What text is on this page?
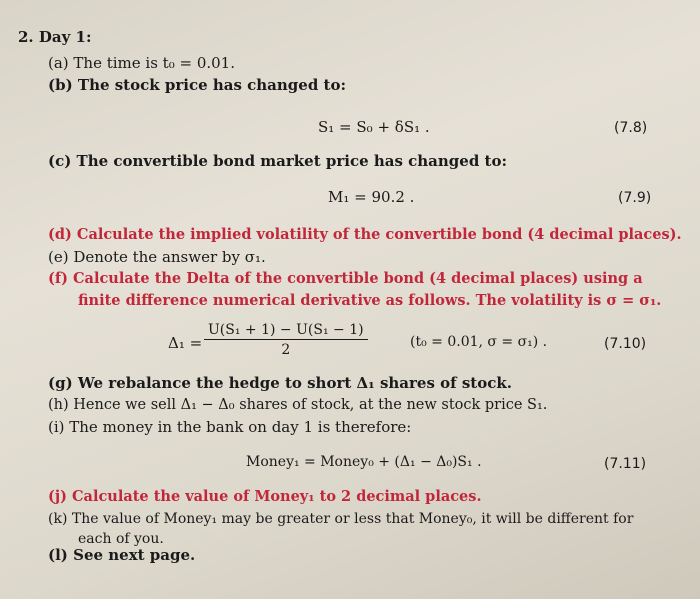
2. Day 1:
(a) The time is t₀ = 0.01.
(b) The stock price has changed to:
S₁ = S₀ + δS₁ .	(7.8)
(c) The convertible bond market price has changed to:
M₁ = 90.2 .	(7.9)
(d) Calculate the implied volatility of the convertible bond (4 decimal places).
(e) Denote the answer by σ₁.
(f) Calculate the Delta of the convertible bond (4 decimal places) using a
finite difference numerical derivative as follows. The volatility is σ = σ₁.
$\Delta_1 = \frac{\text{U(S₁ + 1) − U(S₁ − 1)}}{2}$	(t₀ = 0.01, σ = σ₁) .	(7.10)
(g) We rebalance the hedge to short Δ₁ shares of stock.
(h) Hence we sell Δ₁ − Δ₀ shares of stock, at the new stock price S₁.
(i) The money in the bank on day 1 is therefore:
Money₁ = Money₀ + (Δ₁ − Δ₀)S₁ .	(7.11)
(j) Calculate the value of Money₁ to 2 decimal places.
(k) The value of Money₁ may be greater or less that Money₀, it will be different for
each of you.
(l) See next page.
